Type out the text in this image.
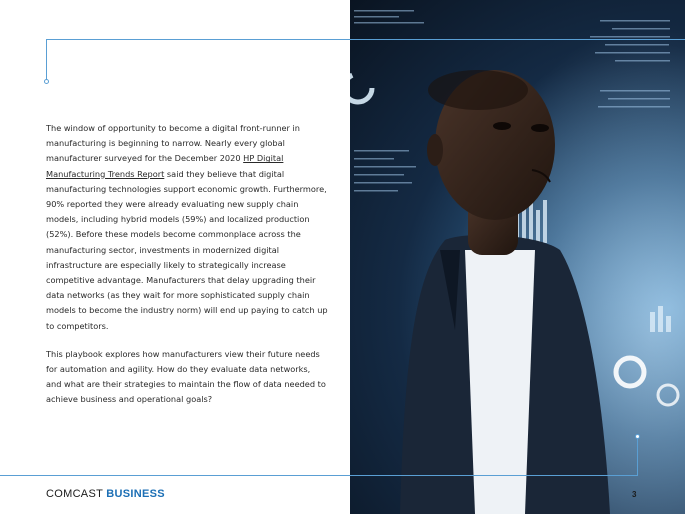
The window of opportunity to become a digital front-runner in manufacturing is beginning to narrow. Nearly every global manufacturer surveyed for the December 2020 HP Digital Manufacturing Trends Report said they believe that digital manufacturing technologies support economic growth. Furthermore, 90% reported they were already evaluating new supply chain models, including hybrid models (59%) and localized production (52%). Before these models become commonplace across the manufacturing sector, investments in modernized digital infrastructure are especially likely to strategically increase competitive advantage. Manufacturers that delay upgrading their data networks (as they wait for more sophisticated supply chain models to become the industry norm) will end up paying to catch up to competitors.

This playbook explores how manufacturers view their future needs for automation and agility. How do they evaluate data networks, and what are their strategies to maintain the flow of data needed to achieve business and operational goals?

COMCAST BUSINESS	3
